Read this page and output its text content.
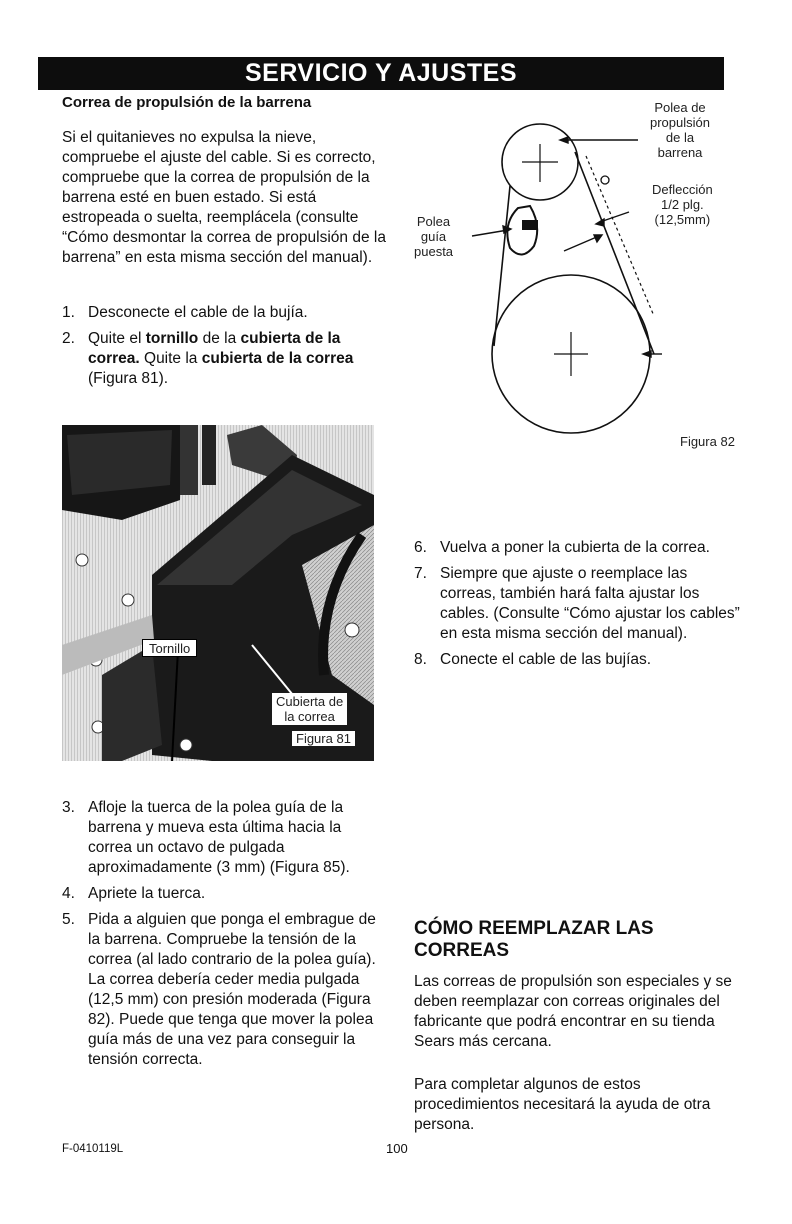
SERVICIO Y AJUSTES
Correa de propulsión de la barrena
Si el quitanieves no expulsa la nieve, compruebe el ajuste del cable. Si es correcto, compruebe que la correa de propulsión de la barrena esté en buen estado. Si está estropeada o suelta, reemplácela (consulte “Cómo desmontar la correa de propulsión de la barrena” en esta misma sección del manual).
1. Desconecte el cable de la bujía.
2. Quite el tornillo de la cubierta de la correa. Quite la cubierta de la correa (Figura 81).
Tornillo
Cubierta de
la correa
Figura 81
Polea de
propulsión
de la
barrena
Deflección
1/2 plg.
(12,5mm)
Polea
guía
puesta
Figura 82
3. Afloje la tuerca de la polea guía de la barrena y mueva esta última hacia la correa un octavo de pulgada aproximadamente (3 mm) (Figura 85).
4. Apriete la tuerca.
5. Pida a alguien que ponga el embrague de la barrena. Compruebe la tensión de la correa (al lado contrario de la polea guía). La correa debería ceder media pulgada (12,5 mm) con presión moderada (Figura 82). Puede que tenga que mover la polea guía más de una vez para conseguir la tensión correcta.
6. Vuelva a poner la cubierta de la correa.
7. Siempre que ajuste o reemplace las correas, también hará falta ajustar los cables. (Consulte “Cómo ajustar los cables” en esta misma sección del manual).
8. Conecte el cable de las bujías.
CÓMO REEMPLAZAR LAS CORREAS
Las correas de propulsión son especiales y se deben reemplazar con correas originales del fabricante que podrá encontrar en su tienda Sears más cercana.
Para completar algunos de estos procedimientos necesitará la ayuda de otra persona.
F-0410119L	100
